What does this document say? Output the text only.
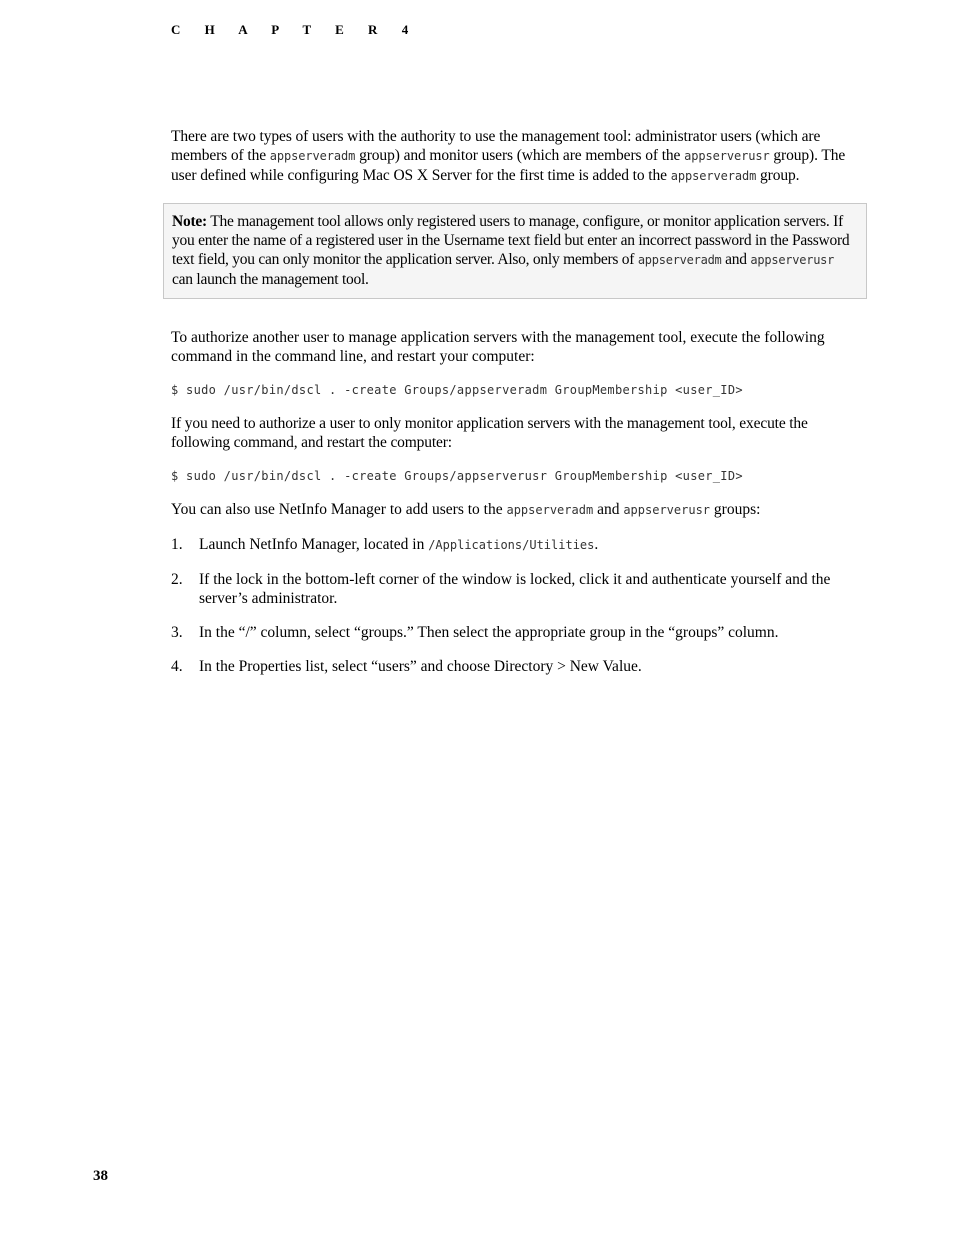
C H A P T E R 4

There are two types of users with the authority to use the management tool: administrator users (which are members of the appserveradm group) and monitor users (which are members of the appserverusr group). The user defined while configuring Mac OS X Server for the first time is added to the appserveradm group.

Note: The management tool allows only registered users to manage, configure, or monitor application servers. If you enter the name of a registered user in the Username text field but enter an incorrect password in the Password text field, you can only monitor the application server. Also, only members of appserveradm and appserverusr can launch the management tool.

To authorize another user to manage application servers with the management tool, execute the following command in the command line, and restart your computer:

$ sudo /usr/bin/dscl . -create Groups/appserveradm GroupMembership <user_ID>

If you need to authorize a user to only monitor application servers with the management tool, execute the following command, and restart the computer:

$ sudo /usr/bin/dscl . -create Groups/appserverusr GroupMembership <user_ID>

You can also use NetInfo Manager to add users to the appserveradm and appserverusr groups:

1. Launch NetInfo Manager, located in /Applications/Utilities.
2. If the lock in the bottom-left corner of the window is locked, click it and authenticate yourself and the server’s administrator.
3. In the “/” column, select “groups.” Then select the appropriate group in the “groups” column.
4. In the Properties list, select “users” and choose Directory > New Value.
38
